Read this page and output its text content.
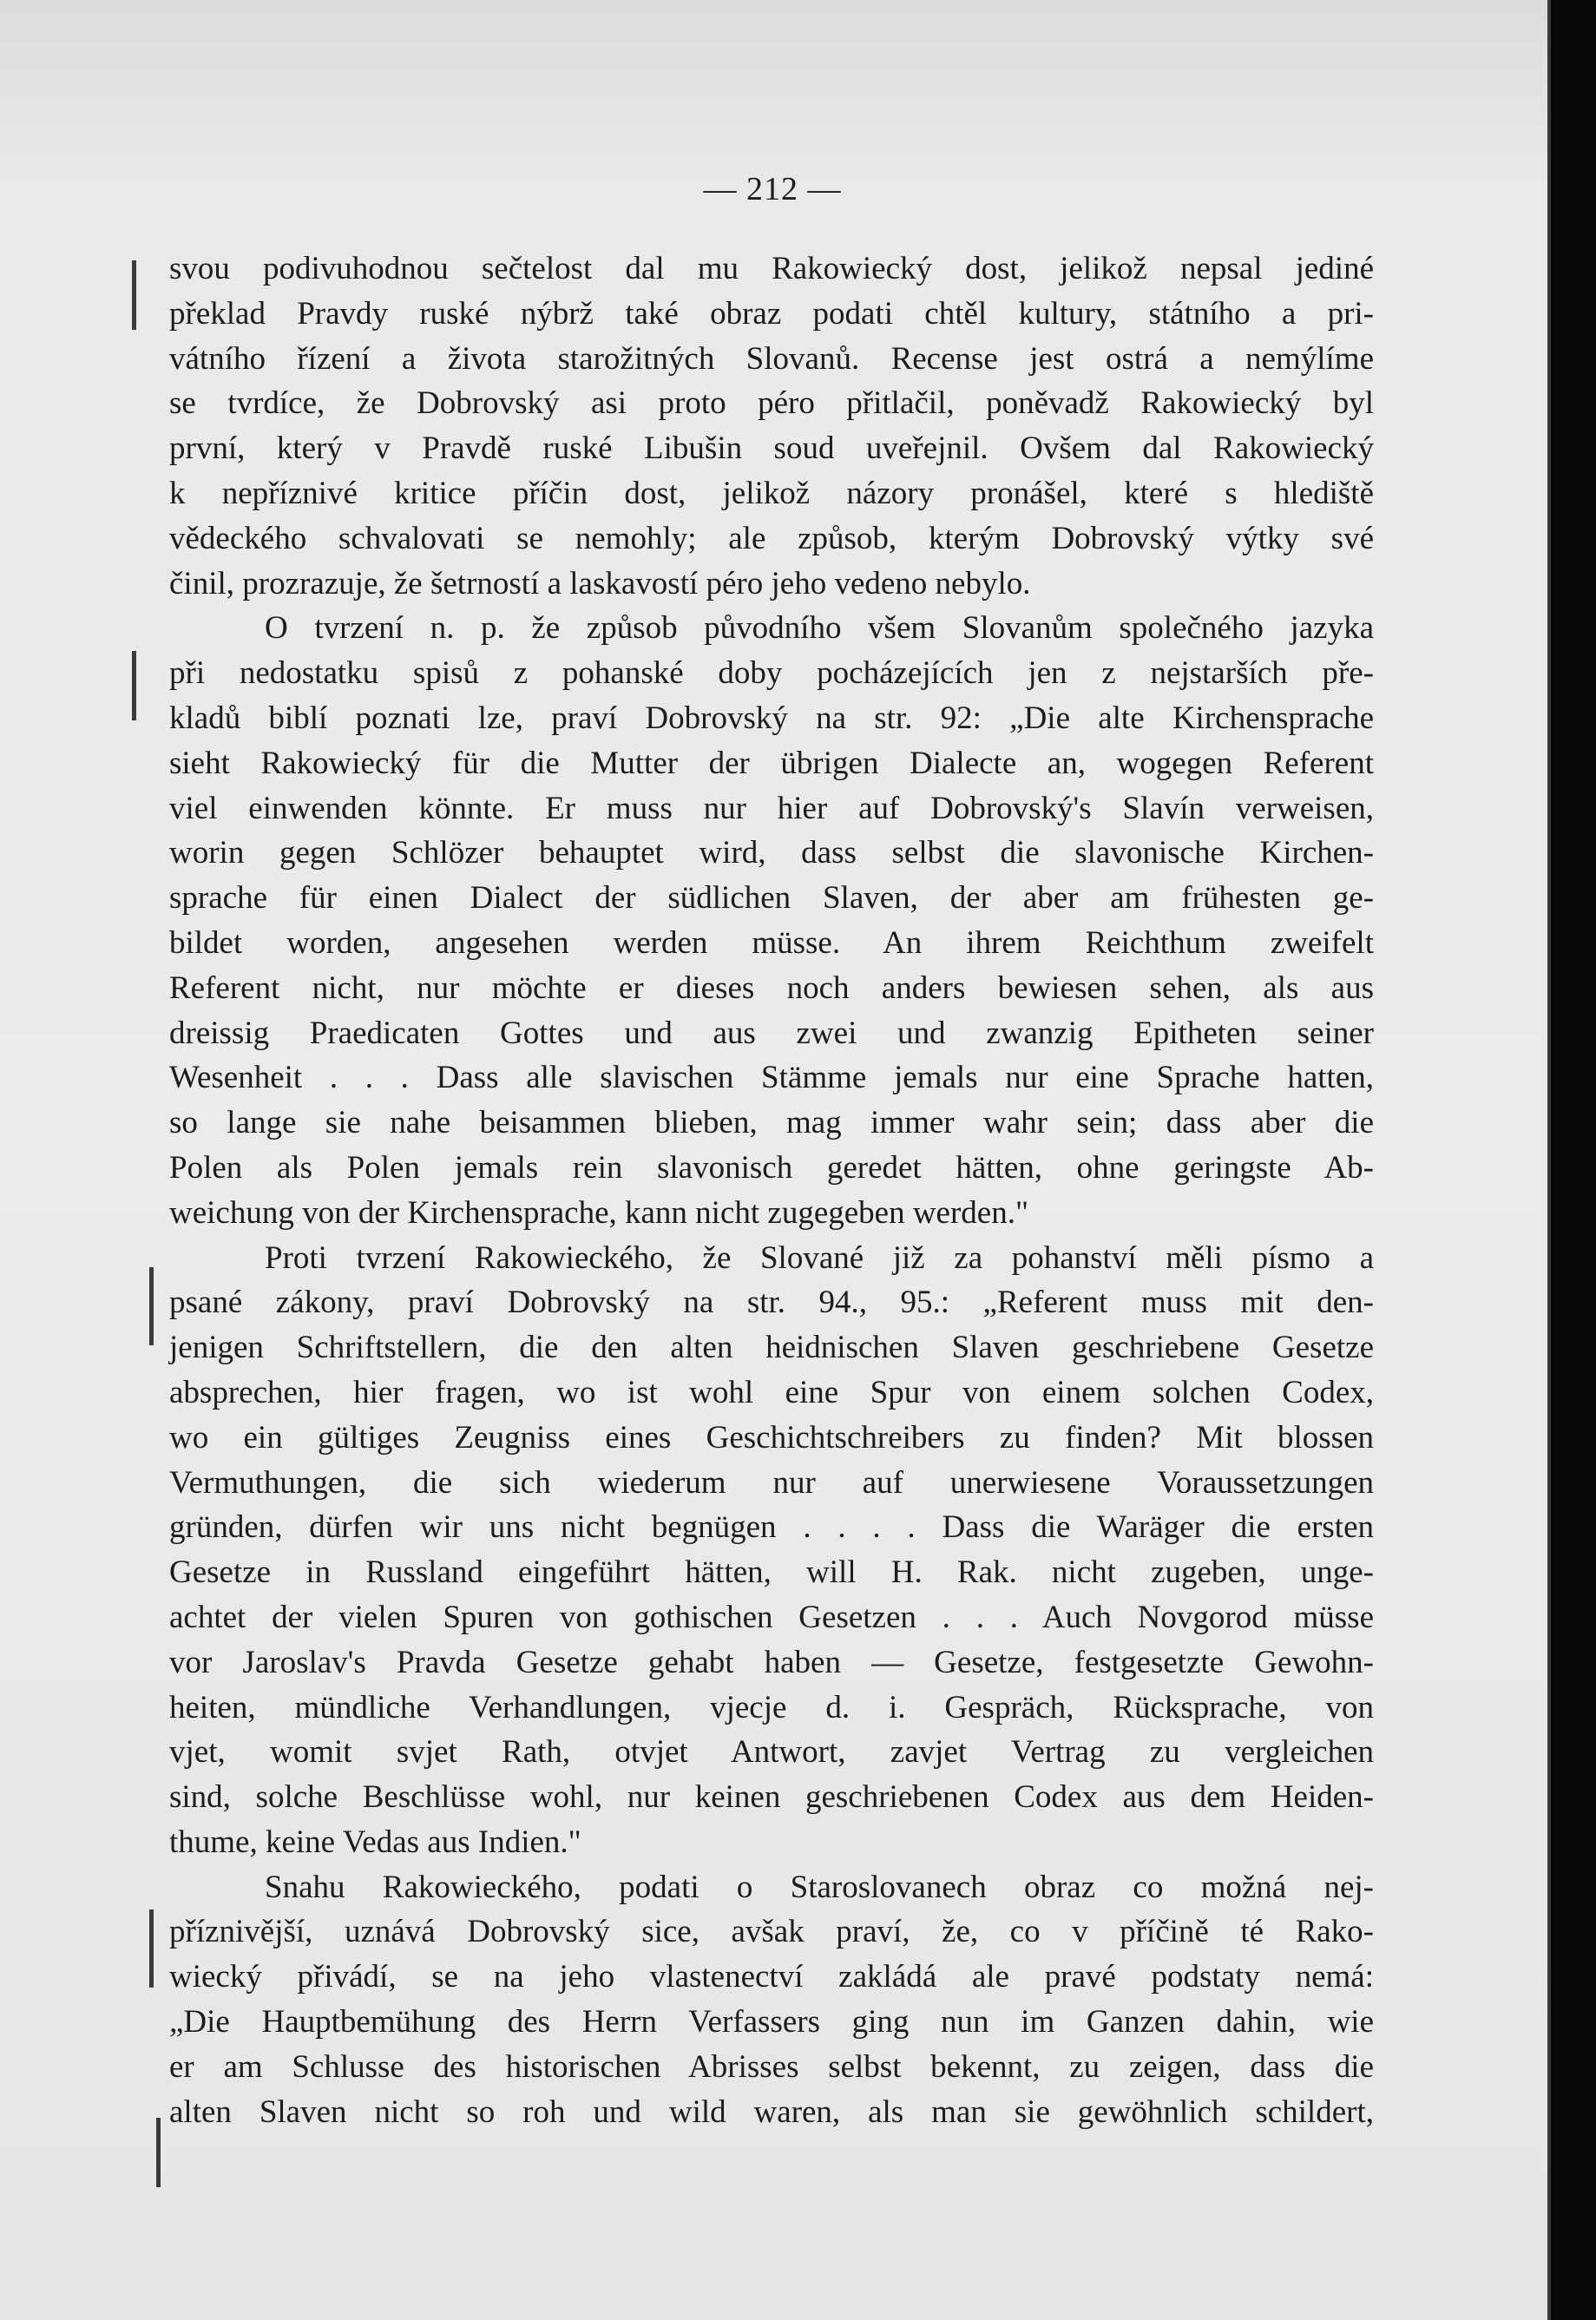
— 212 —
svou podivuhodnou sečtelost dal mu Rakowiecký dost, jelikož nepsal jediné
překlad Pravdy ruské nýbrž také obraz podati chtěl kultury, státního a pri-
vátního řízení a života starožitných Slovanů. Recense jest ostrá a nemýlíme
se tvrdíce, že Dobrovský asi proto péro přitlačil, poněvadž Rakowiecký byl
první, který v Pravdě ruské Libušin soud uveřejnil. Ovšem dal Rakowiecký
k nepříznivé kritice příčin dost, jelikož názory pronášel, které s hlediště
vědeckého schvalovati se nemohly; ale způsob, kterým Dobrovský výtky své
činil, prozrazuje, že šetrností a laskavostí péro jeho vedeno nebylo.
O tvrzení n. p. že způsob původního všem Slovanům společného jazyka
při nedostatku spisů z pohanské doby pocházejících jen z nejstarších pře-
kladů biblí poznati lze, praví Dobrovský na str. 92: „Die alte Kirchensprache
sieht Rakowiecký für die Mutter der übrigen Dialecte an, wogegen Referent
viel einwenden könnte. Er muss nur hier auf Dobrovský's Slavín verweisen,
worin gegen Schlözer behauptet wird, dass selbst die slavonische Kirchen-
sprache für einen Dialect der südlichen Slaven, der aber am frühesten ge-
bildet worden, angesehen werden müsse. An ihrem Reichthum zweifelt
Referent nicht, nur möchte er dieses noch anders bewiesen sehen, als aus
dreissig Praedicaten Gottes und aus zwei und zwanzig Epitheten seiner
Wesenheit . . . Dass alle slavischen Stämme jemals nur eine Sprache hatten,
so lange sie nahe beisammen blieben, mag immer wahr sein; dass aber die
Polen als Polen jemals rein slavonisch geredet hätten, ohne geringste Ab-
weichung von der Kirchensprache, kann nicht zugegeben werden."
Proti tvrzení Rakowieckého, že Slované již za pohanství měli písmo a
psané zákony, praví Dobrovský na str. 94., 95.: „Referent muss mit den-
jenigen Schriftstellern, die den alten heidnischen Slaven geschriebene Gesetze
absprechen, hier fragen, wo ist wohl eine Spur von einem solchen Codex,
wo ein gültiges Zeugniss eines Geschichtschreibers zu finden? Mit blossen
Vermuthungen, die sich wiederum nur auf unerwiesene Voraussetzungen
gründen, dürfen wir uns nicht begnügen . . . . Dass die Waräger die ersten
Gesetze in Russland eingeführt hätten, will H. Rak. nicht zugeben, unge-
achtet der vielen Spuren von gothischen Gesetzen . . . Auch Novgorod müsse
vor Jaroslav's Pravda Gesetze gehabt haben — Gesetze, festgesetzte Gewohn-
heiten, mündliche Verhandlungen, vjecje d. i. Gespräch, Rücksprache, von
vjet, womit svjet Rath, otvjet Antwort, zavjet Vertrag zu vergleichen
sind, solche Beschlüsse wohl, nur keinen geschriebenen Codex aus dem Heiden-
thume, keine Vedas aus Indien."
Snahu Rakowieckého, podati o Staroslovanech obraz co možná nej-
příznivější, uznává Dobrovský sice, avšak praví, že, co v příčině té Rako-
wiecký přivádí, se na jeho vlastenectví zakládá ale pravé podstaty nemá:
„Die Hauptbemühung des Herrn Verfassers ging nun im Ganzen dahin, wie
er am Schlusse des historischen Abrisses selbst bekennt, zu zeigen, dass die
alten Slaven nicht so roh und wild waren, als man sie gewöhnlich schildert,
